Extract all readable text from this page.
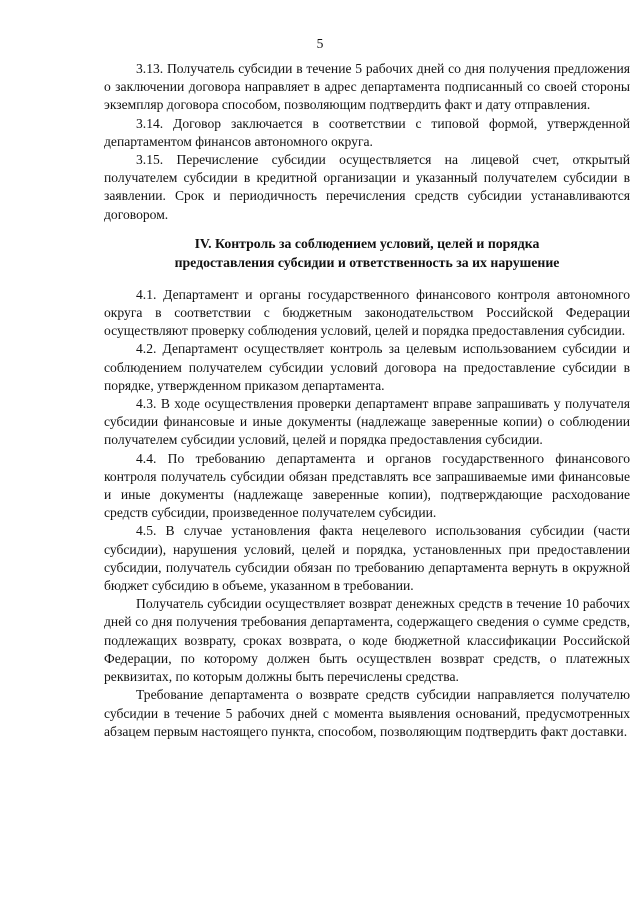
5

3.13. Получатель субсидии в течение 5 рабочих дней со дня получения предложения о заключении договора направляет в адрес департамента подписанный со своей стороны экземпляр договора способом, позволяющим подтвердить факт и дату отправления.

3.14. Договор заключается в соответствии с типовой формой, утвержденной департаментом финансов автономного округа.

3.15. Перечисление субсидии осуществляется на лицевой счет, открытый получателем субсидии в кредитной организации и указанный получателем субсидии в заявлении. Срок и периодичность перечисления средств субсидии устанавливаются договором.

IV. Контроль за соблюдением условий, целей и порядка
предоставления субсидии и ответственность за их нарушение

4.1. Департамент и органы государственного финансового контроля автономного округа в соответствии с бюджетным законодательством Российской Федерации осуществляют проверку соблюдения условий, целей и порядка предоставления субсидии.

4.2. Департамент осуществляет контроль за целевым использованием субсидии и соблюдением получателем субсидии условий договора на предоставление субсидии в порядке, утвержденном приказом департамента.

4.3. В ходе осуществления проверки департамент вправе запрашивать у получателя субсидии финансовые и иные документы (надлежаще заверенные копии) о соблюдении получателем субсидии условий, целей и порядка предоставления субсидии.

4.4. По требованию департамента и органов государственного финансового контроля получатель субсидии обязан представлять все запрашиваемые ими финансовые и иные документы (надлежаще заверенные копии), подтверждающие расходование средств субсидии, произведенное получателем субсидии.

4.5. В случае установления факта нецелевого использования субсидии (части субсидии), нарушения условий, целей и порядка, установленных при предоставлении субсидии, получатель субсидии обязан по требованию департамента вернуть в окружной бюджет субсидию в объеме, указанном в требовании.

Получатель субсидии осуществляет возврат денежных средств в течение 10 рабочих дней со дня получения требования департамента, содержащего сведения о сумме средств, подлежащих возврату, сроках возврата, о коде бюджетной классификации Российской Федерации, по которому должен быть осуществлен возврат средств, о платежных реквизитах, по которым должны быть перечислены средства.

Требование департамента о возврате средств субсидии направляется получателю субсидии в течение 5 рабочих дней с момента выявления оснований, предусмотренных абзацем первым настоящего пункта, способом, позволяющим подтвердить факт доставки.
